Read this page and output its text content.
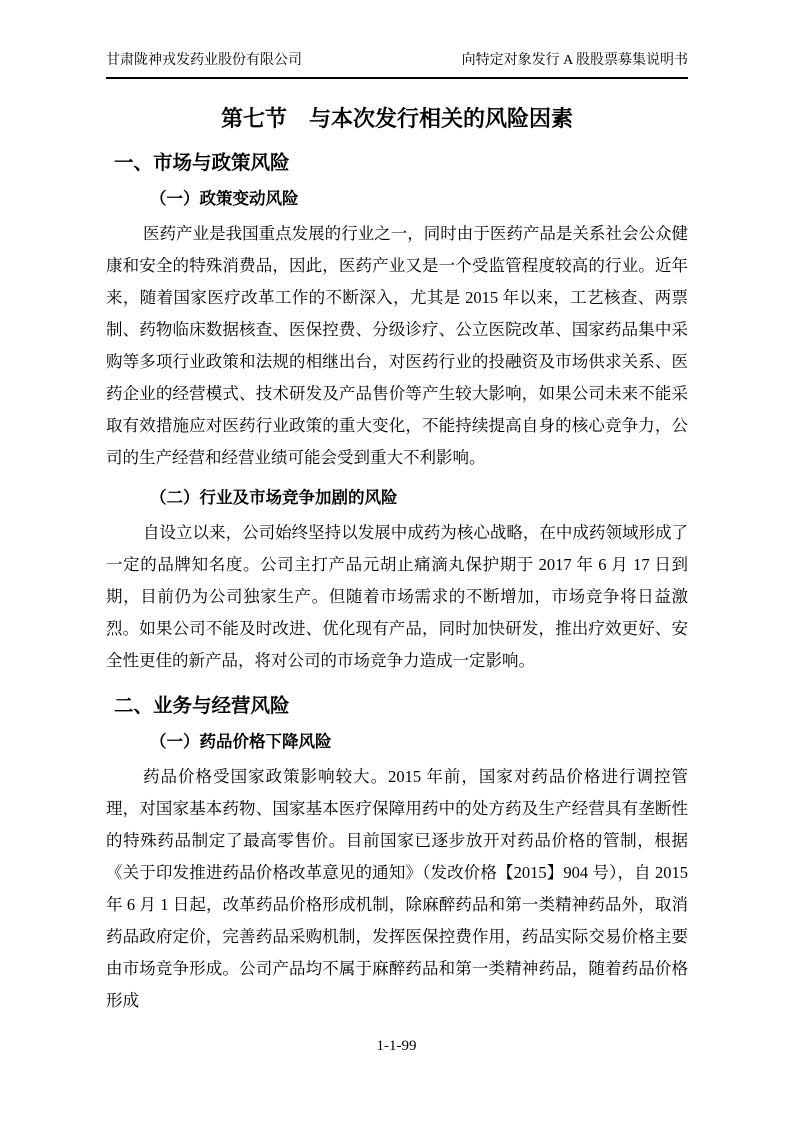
甘肃陇神戎发药业股份有限公司	向特定对象发行 A 股股票募集说明书
第七节　与本次发行相关的风险因素
一、市场与政策风险
（一）政策变动风险

医药产业是我国重点发展的行业之一，同时由于医药产品是关系社会公众健康和安全的特殊消费品，因此，医药产业又是一个受监管程度较高的行业。近年来，随着国家医疗改革工作的不断深入，尤其是 2015 年以来，工艺核查、两票制、药物临床数据核查、医保控费、分级诊疗、公立医院改革、国家药品集中采购等多项行业政策和法规的相继出台，对医药行业的投融资及市场供求关系、医药企业的经营模式、技术研发及产品售价等产生较大影响，如果公司未来不能采取有效措施应对医药行业政策的重大变化，不能持续提高自身的核心竞争力，公司的生产经营和经营业绩可能会受到重大不利影响。

（二）行业及市场竞争加剧的风险

自设立以来，公司始终坚持以发展中成药为核心战略，在中成药领域形成了一定的品牌知名度。公司主打产品元胡止痛滴丸保护期于 2017 年 6 月 17 日到期，目前仍为公司独家生产。但随着市场需求的不断增加，市场竞争将日益激烈。如果公司不能及时改进、优化现有产品，同时加快研发，推出疗效更好、安全性更佳的新产品，将对公司的市场竞争力造成一定影响。

二、业务与经营风险
（一）药品价格下降风险

药品价格受国家政策影响较大。2015 年前，国家对药品价格进行调控管理，对国家基本药物、国家基本医疗保障用药中的处方药及生产经营具有垄断性的特殊药品制定了最高零售价。目前国家已逐步放开对药品价格的管制，根据《关于印发推进药品价格改革意见的通知》（发改价格【2015】904 号），自 2015 年 6 月 1 日起，改革药品价格形成机制，除麻醉药品和第一类精神药品外，取消药品政府定价，完善药品采购机制，发挥医保控费作用，药品实际交易价格主要由市场竞争形成。公司产品均不属于麻醉药品和第一类精神药品，随着药品价格形成

1-1-99
